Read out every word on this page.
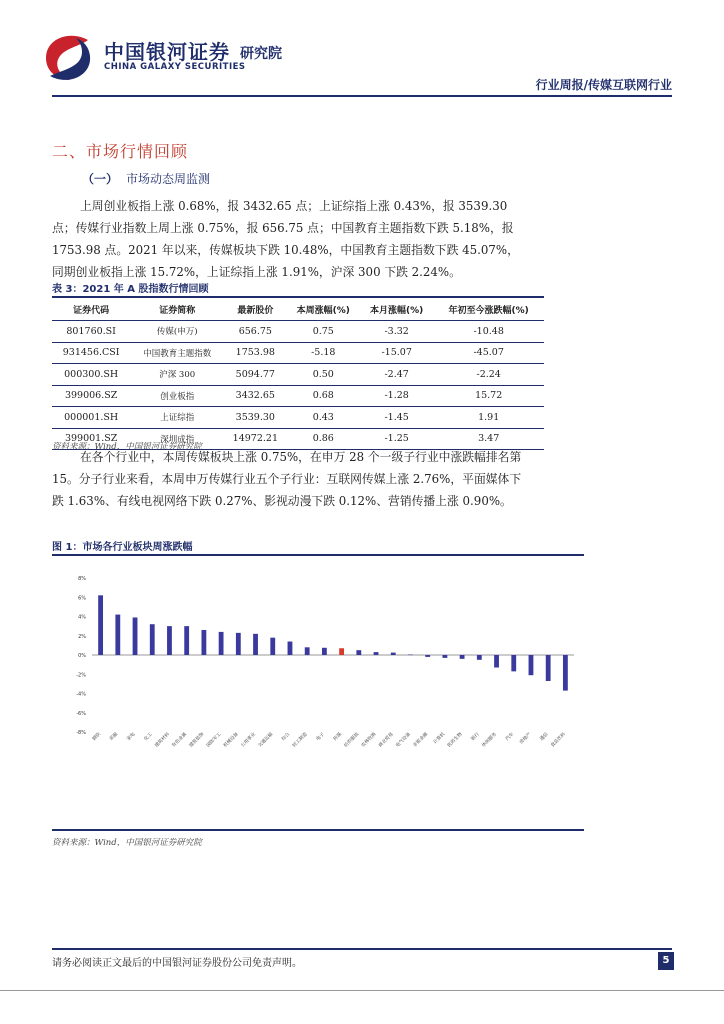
中国银河证券
CHINA GALAXY SECURITIES
研究院
行业周报/传媒互联网行业
二、市场行情回顾
（一） 市场动态周监测
上周创业板指上涨 0.68%，报 3432.65 点；上证综指上涨 0.43%，报 3539.30 点；传媒行业指数上周上涨 0.75%，报 656.75 点；中国教育主题指数下跌 5.18%，报 1753.98 点。2021 年以来，传媒板块下跌 10.48%，中国教育主题指数下跌 45.07%，同期创业板指上涨 15.72%，上证综指上涨 1.91%，沪深 300 下跌 2.24%。
表 3：2021 年 A 股指数行情回顾
证券代码	证券简称	最新股价	本周涨幅(%)	本月涨幅(%)	年初至今涨跌幅(%)
801760.SI	传媒(申万)	656.75	0.75	-3.32	-10.48
931456.CSI	中国教育主题指数	1753.98	-5.18	-15.07	-45.07
000300.SH	沪深 300	5094.77	0.50	-2.47	-2.24
399006.SZ	创业板指	3432.65	0.68	-1.28	15.72
000001.SH	上证综指	3539.30	0.43	-1.45	1.91
399001.SZ	深圳成指	14972.21	0.86	-1.25	3.47
资料来源：Wind，中国银河证券研究院
在各个行业中，本周传媒板块上涨 0.75%，在申万 28 个一级子行业中涨跌幅排名第 15。分子行业来看，本周申万传媒行业五个子行业：互联网传媒上涨 2.76%，平面媒体下跌 1.63%、有线电视网络下跌 0.27%、影视动漫下跌 0.12%、营销传播上涨 0.90%。
图 1：市场各行业板块周涨跌幅
8%
6%
4%
2%
0%
-2%
-4%
-6%
-8%	钢铁	采掘	家电	化工 建筑材料 有色金属 建筑装饰 国防军工 机械设备 公用事业 交通运输	综合 轻工制造	电子	传媒 纺织服装 农林牧渔 商业贸易 电气设备 非银金融 计算机 医药生物	银行 休闲服务	汽车 房地产	通信 食品饮料
资料来源：Wind，中国银河证券研究院
请务必阅读正文最后的中国银河证券股份公司免责声明。	5
